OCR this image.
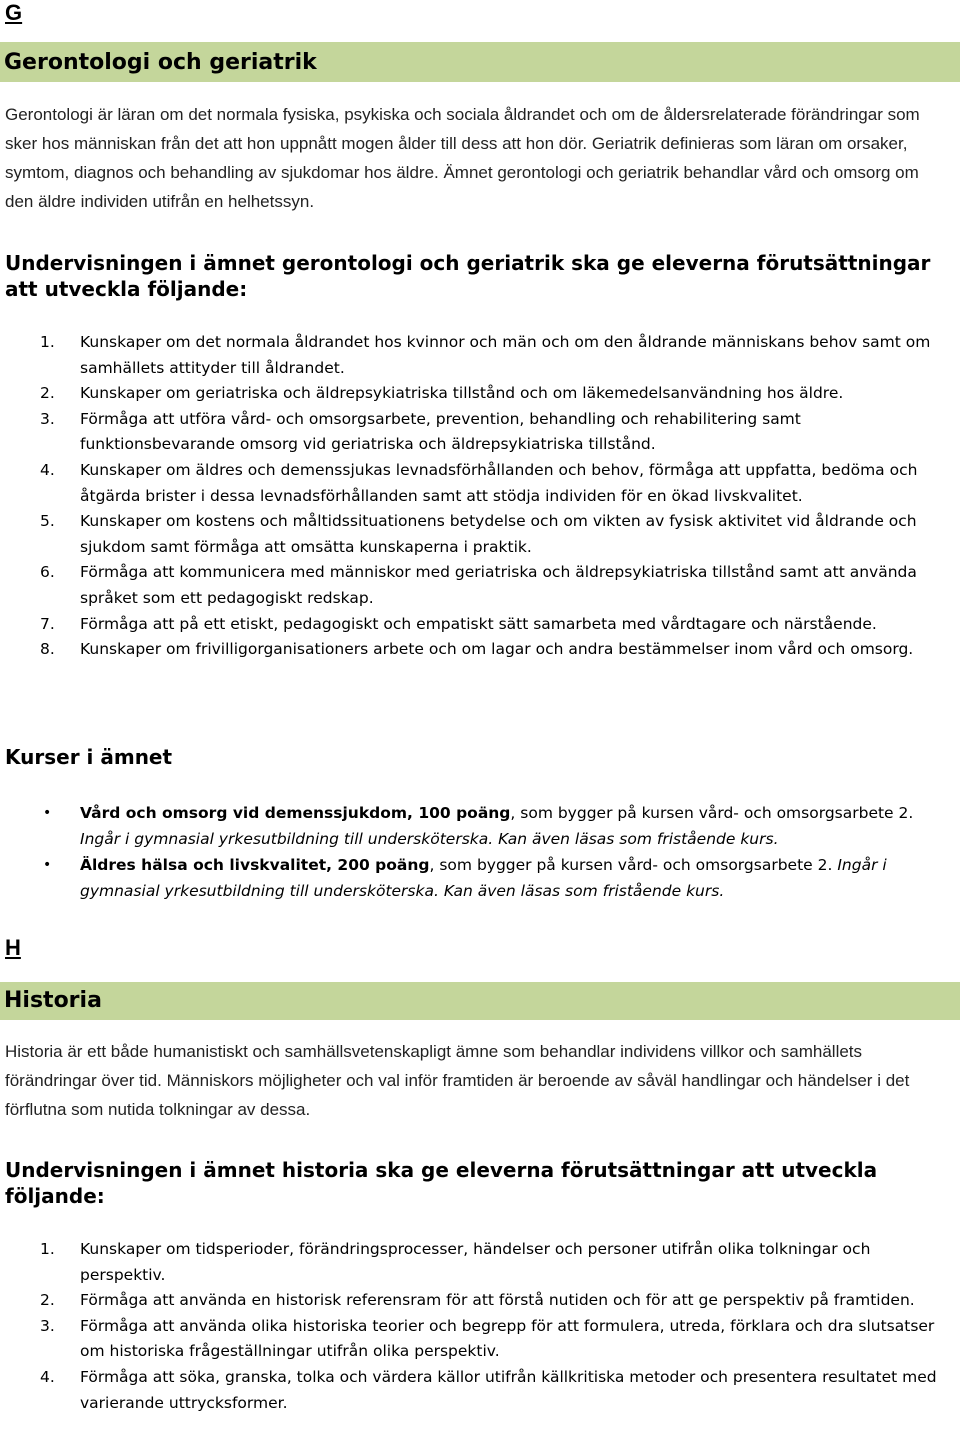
G
Gerontologi och geriatrik
Gerontologi är läran om det normala fysiska, psykiska och sociala åldrandet och om de åldersrelaterade förändringar som sker hos människan från det att hon uppnått mogen ålder till dess att hon dör. Geriatrik definieras som läran om orsaker, symtom, diagnos och behandling av sjukdomar hos äldre. Ämnet gerontologi och geriatrik behandlar vård och omsorg om den äldre individen utifrån en helhetssyn.
Undervisningen i ämnet gerontologi och geriatrik ska ge eleverna förutsättningar att utveckla följande:
1. Kunskaper om det normala åldrandet hos kvinnor och män och om den åldrande människans behov samt om samhällets attityder till åldrandet.
2. Kunskaper om geriatriska och äldrepsykiatriska tillstånd och om läkemedelsanvändning hos äldre.
3. Förmåga att utföra vård- och omsorgsarbete, prevention, behandling och rehabilitering samt funktionsbevarande omsorg vid geriatriska och äldrepsykiatriska tillstånd.
4. Kunskaper om äldres och demenssjukas levnadsförhållanden och behov, förmåga att uppfatta, bedöma och åtgärda brister i dessa levnadsförhållanden samt att stödja individen för en ökad livskvalitet.
5. Kunskaper om kostens och måltidssituationens betydelse och om vikten av fysisk aktivitet vid åldrande och sjukdom samt förmåga att omsätta kunskaperna i praktik.
6. Förmåga att kommunicera med människor med geriatriska och äldrepsykiatriska tillstånd samt att använda språket som ett pedagogiskt redskap.
7. Förmåga att på ett etiskt, pedagogiskt och empatiskt sätt samarbeta med vårdtagare och närstående.
8. Kunskaper om frivilligorganisationers arbete och om lagar och andra bestämmelser inom vård och omsorg.
Kurser i ämnet
• Vård och omsorg vid demenssjukdom, 100 poäng, som bygger på kursen vård- och omsorgsarbete 2. Ingår i gymnasial yrkesutbildning till undersköterska. Kan även läsas som fristående kurs.
• Äldres hälsa och livskvalitet, 200 poäng, som bygger på kursen vård- och omsorgsarbete 2. Ingår i gymnasial yrkesutbildning till undersköterska. Kan även läsas som fristående kurs.
H
Historia
Historia är ett både humanistiskt och samhällsvetenskapligt ämne som behandlar individens villkor och samhällets förändringar över tid. Människors möjligheter och val inför framtiden är beroende av såväl handlingar och händelser i det förflutna som nutida tolkningar av dessa.
Undervisningen i ämnet historia ska ge eleverna förutsättningar att utveckla följande:
1. Kunskaper om tidsperioder, förändringsprocesser, händelser och personer utifrån olika tolkningar och perspektiv.
2. Förmåga att använda en historisk referensram för att förstå nutiden och för att ge perspektiv på framtiden.
3. Förmåga att använda olika historiska teorier och begrepp för att formulera, utreda, förklara och dra slutsatser om historiska frågeställningar utifrån olika perspektiv.
4. Förmåga att söka, granska, tolka och värdera källor utifrån källkritiska metoder och presentera resultatet med varierande uttrycksformer.
